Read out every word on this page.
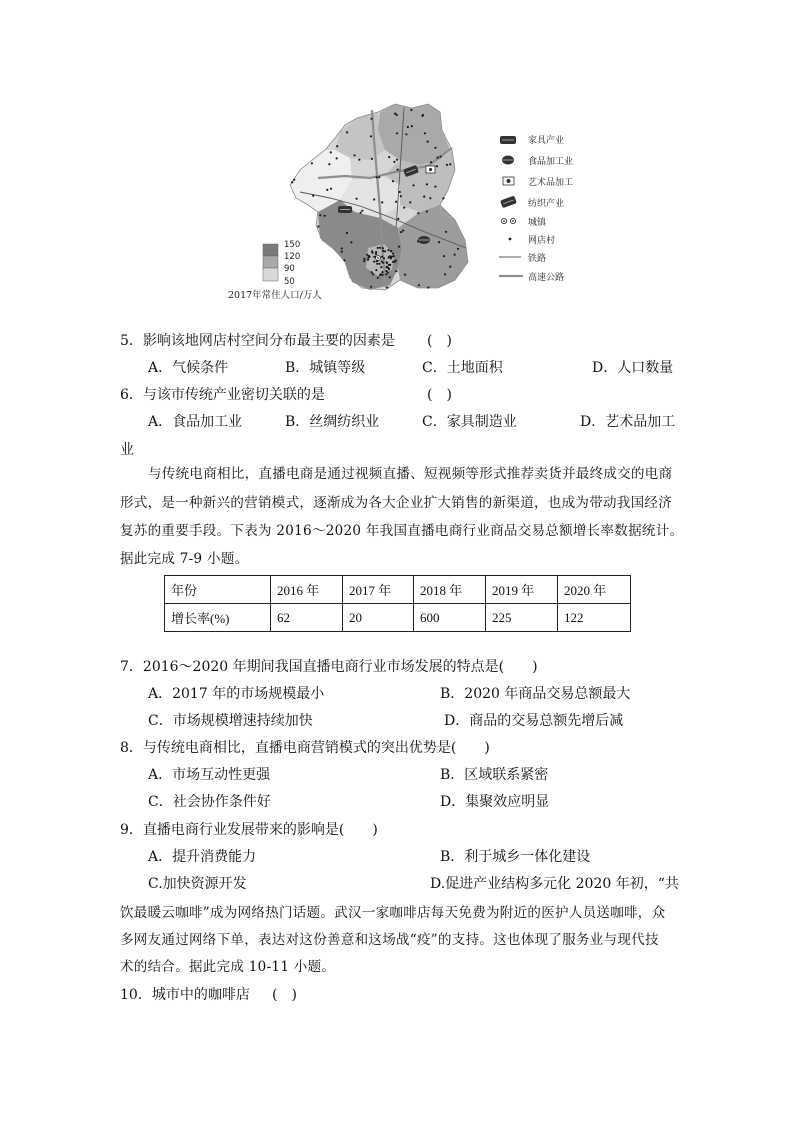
家具产业
食品加工业
艺术品加工
纺织产业
城镇
网店村
铁路
高速公路
150
120
90
50
2017年常住人口/万人
5．影响该地网店村空间分布最主要的因素是 (　)
A．气候条件	B．城镇等级	C．土地面积	D．人口数量
6．与该市传统产业密切关联的是	(　)
A．食品加工业	B．丝绸纺织业	C．家具制造业	D．艺术品加工
业
与传统电商相比，直播电商是通过视频直播、短视频等形式推荐卖货并最终成交的电商
形式，是一种新兴的营销模式，逐渐成为各大企业扩大销售的新渠道，也成为带动我国经济
复苏的重要手段。下表为 2016～2020 年我国直播电商行业商品交易总额增长率数据统计。
据此完成 7-9 小题。
年份	2016 年	2017 年	2018 年	2019 年	2020 年
增长率(%)	62	20	600	225	122
7．2016～2020 年期间我国直播电商行业市场发展的特点是(　　)
A．2017 年的市场规模最小	B．2020 年商品交易总额最大
C．市场规模增速持续加快	D．商品的交易总额先增后减
8．与传统电商相比，直播电商营销模式的突出优势是(　　)
A．市场互动性更强	B．区域联系紧密
C．社会协作条件好	D．集聚效应明显
9．直播电商行业发展带来的影响是(　　)
A．提升消费能力	B．利于城乡一体化建设
C.加快资源开发	D.促进产业结构多元化 2020 年初，“共
饮最暖云咖啡”成为网络热门话题。武汉一家咖啡店每天免费为附近的医护人员送咖啡，众
多网友通过网络下单，表达对这份善意和这场战“疫”的支持。这也体现了服务业与现代技
术的结合。据此完成 10-11 小题。
10．城市中的咖啡店 (　)
